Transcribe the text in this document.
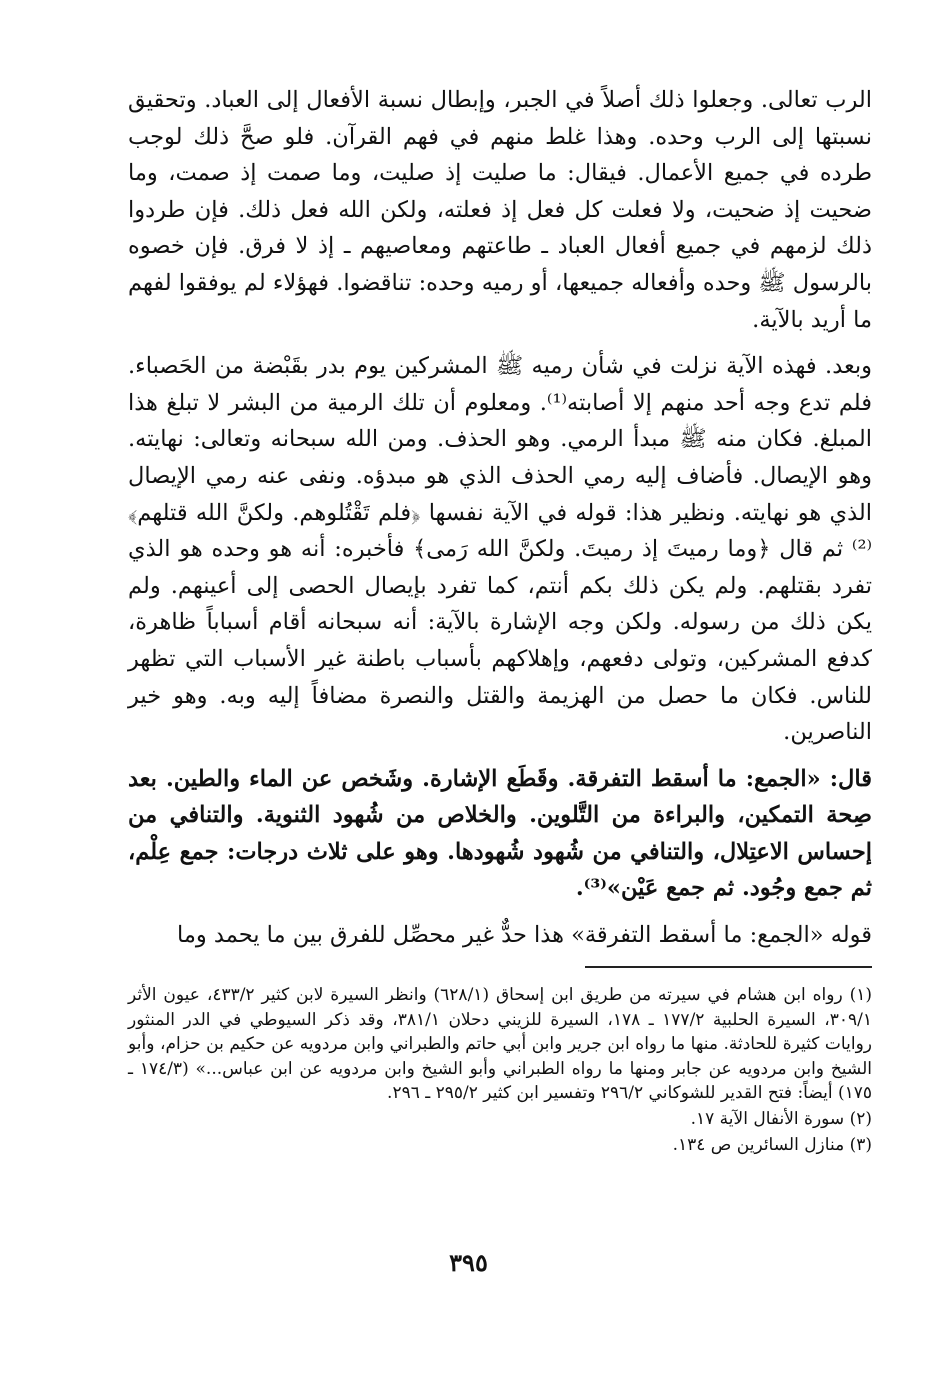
الرب تعالى. وجعلوا ذلك أصلاً في الجبر، وإبطال نسبة الأفعال إلى العباد. وتحقيق نسبتها إلى الرب وحده. وهذا غلط منهم في فهم القرآن. فلو صحَّ ذلك لوجب طرده في جميع الأعمال. فيقال: ما صليت إذ صليت، وما صمت إذ صمت، وما ضحيت إذ ضحيت، ولا فعلت كل فعل إذ فعلته، ولكن الله فعل ذلك. فإن طردوا ذلك لزمهم في جميع أفعال العباد ـ طاعتهم ومعاصيهم ـ إذ لا فرق. فإن خصوه بالرسول ﷺ وحده وأفعاله جميعها، أو رميه وحده: تناقضوا. فهؤلاء لم يوفقوا لفهم ما أريد بالآية.

وبعد. فهذه الآية نزلت في شأن رميه ﷺ المشركين يوم بدر بقَبْضة من الحَصباء. فلم تدع وجه أحد منهم إلا أصابته⁽¹⁾. ومعلوم أن تلك الرمية من البشر لا تبلغ هذا المبلغ. فكان منه ﷺ مبدأ الرمي. وهو الحذف. ومن الله سبحانه وتعالى: نهايته. وهو الإيصال. فأضاف إليه رمي الحذف الذي هو مبدؤه. ونفى عنه رمي الإيصال الذي هو نهايته. ونظير هذا: قوله في الآية نفسها ﴿فلم تَقْتُلوهم. ولكنَّ الله قتلهم﴾⁽²⁾ ثم قال ﴿وما رميتَ إذ رميتَ. ولكنَّ الله رَمى﴾ فأخبره: أنه هو وحده هو الذي تفرد بقتلهم. ولم يكن ذلك بكم أنتم، كما تفرد بإيصال الحصى إلى أعينهم. ولم يكن ذلك من رسوله. ولكن وجه الإشارة بالآية: أنه سبحانه أقام أسباباً ظاهرة، كدفع المشركين، وتولى دفعهم، وإهلاكهم بأسباب باطنة غير الأسباب التي تظهر للناس. فكان ما حصل من الهزيمة والقتل والنصرة مضافاً إليه وبه. وهو خير الناصرين.

قال: «الجمع: ما أسقط التفرقة. وقَطَع الإشارة. وشَخص عن الماء والطين. بعد صِحة التمكين، والبراءة من التَّلوين. والخلاص من شُهود الثنوية. والتنافي من إحساس الاعتِلال، والتنافي من شُهود شُهودها. وهو على ثلاث درجات: جمع عِلْم، ثم جمع وجُود. ثم جمع عَيْن»⁽³⁾.

قوله «الجمع: ما أسقط التفرقة» هذا حدٌّ غير محصِّل للفرق بين ما يحمد وما

(١) رواه ابن هشام في سيرته من طريق ابن إسحاق (٦٢٨/١) وانظر السيرة لابن كثير ٤٣٣/٢، عيون الأثر ٣٠٩/١، السيرة الحلبية ١٧٧/٢ ـ ١٧٨، السيرة للزيني دحلان ٣٨١/١، وقد ذكر السيوطي في الدر المنثور روايات كثيرة للحادثة. منها ما رواه ابن جرير وابن أبي حاتم والطبراني وابن مردويه عن حكيم بن حزام، وأبو الشيخ وابن مردويه عن جابر ومنها ما رواه الطبراني وأبو الشيخ وابن مردويه عن ابن عباس...» (١٧٤/٣ ـ ١٧٥) أيضاً: فتح القدير للشوكاني ٢٩٦/٢ وتفسير ابن كثير ٢٩٥/٢ ـ ٢٩٦.

(٢) سورة الأنفال الآية ١٧.

(٣) منازل السائرين ص ١٣٤.

٣٩٥
